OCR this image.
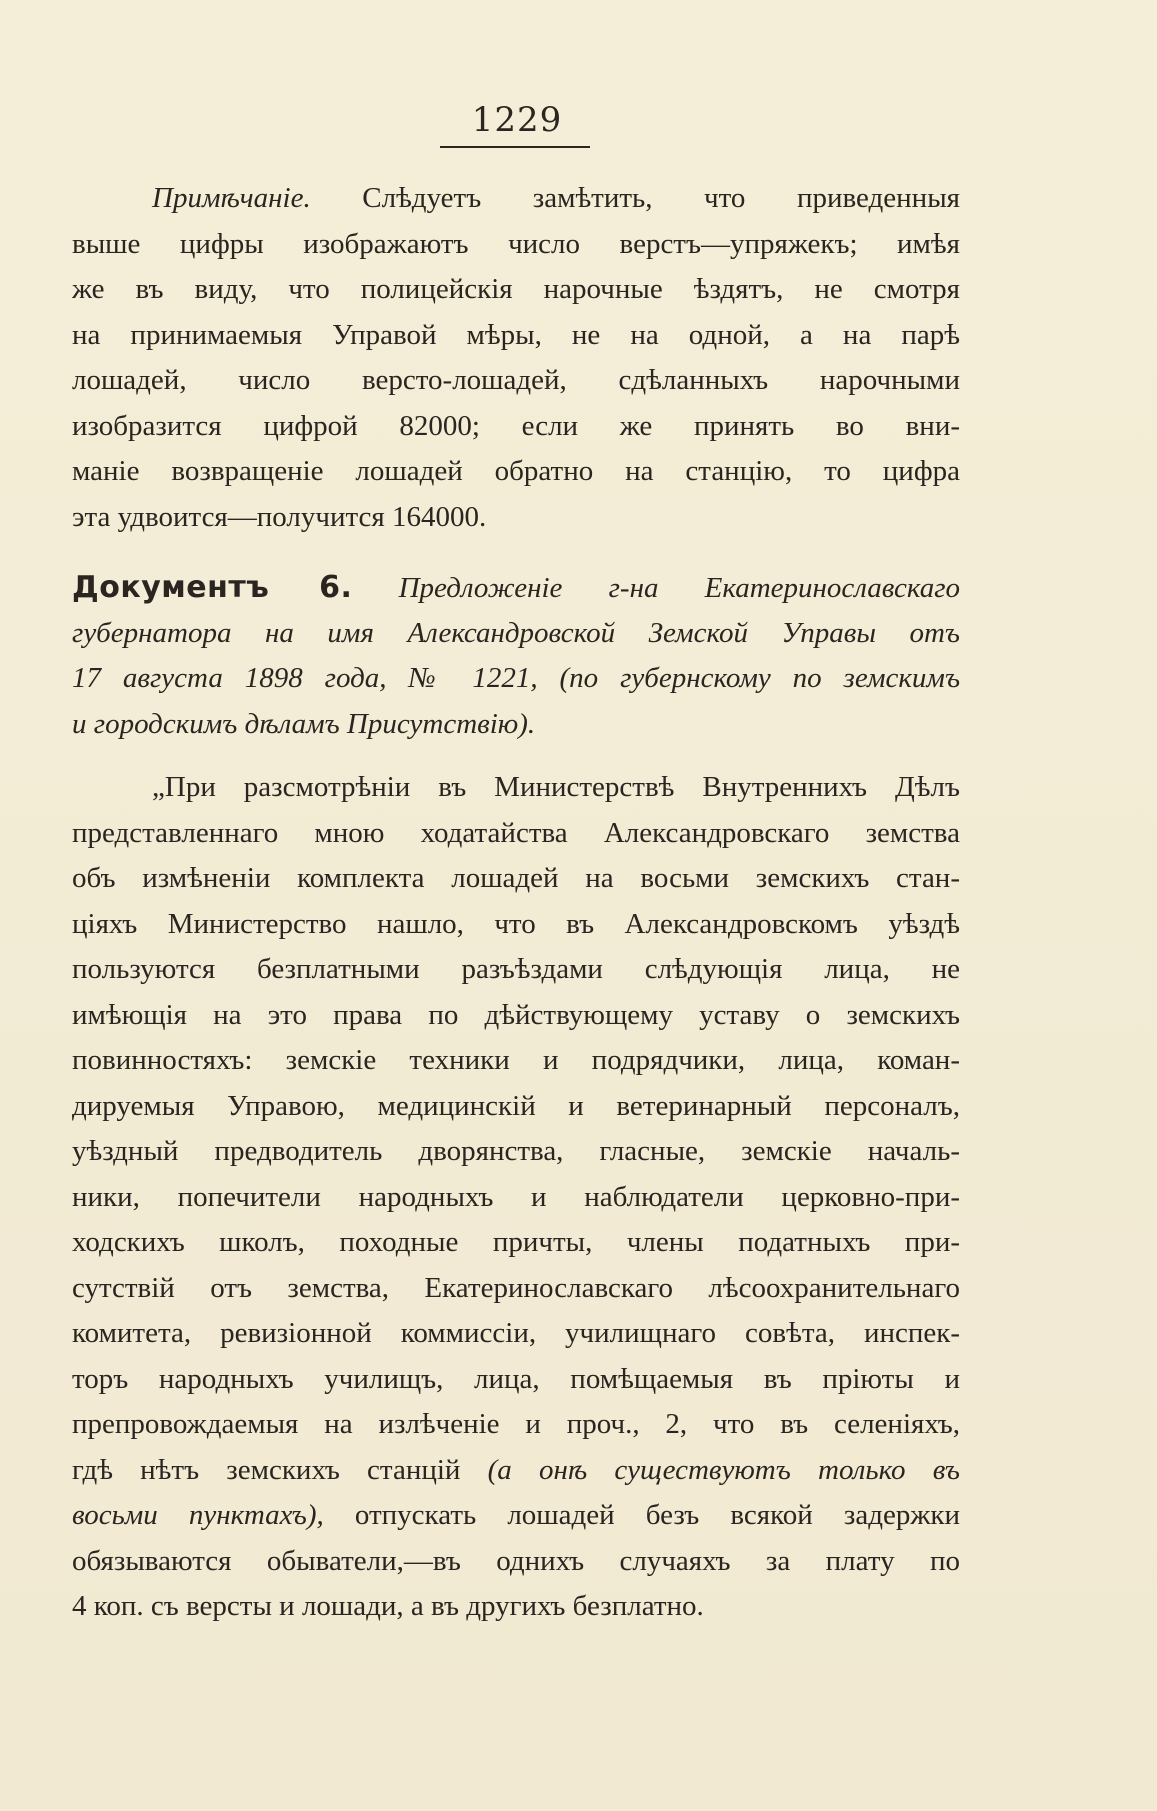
1229
Примѣчаніе. Слѣдуетъ замѣтить, что приведенныя
выше цифры изображаютъ число верстъ—упряжекъ; имѣя
же въ виду, что полицейскія нарочные ѣздятъ, не смотря
на принимаемыя Управой мѣры, не на одной, а на парѣ
лошадей, число версто-лошадей, сдѣланныхъ нарочными
изобразится цифрой 82000; если же принять во вни-
маніе возвращеніе лошадей обратно на станцію, то цифра
эта удвоится—получится 164000.
Документъ 6. Предложеніе г-на Екатеринославскаго
губернатора на имя Александровской Земской Управы отъ
17 августа 1898 года, № 1221, (по губернскому по земскимъ
и городскимъ дѣламъ Присутствію).
„При разсмотрѣніи въ Министерствѣ Внутреннихъ Дѣлъ
представленнаго мною ходатайства Александровскаго земства
объ измѣненіи комплекта лошадей на восьми земскихъ стан-
ціяхъ Министерство нашло, что въ Александровскомъ уѣздѣ
пользуются безплатными разъѣздами слѣдующія лица, не
имѣющія на это права по дѣйствующему уставу о земскихъ
повинностяхъ: земскіе техники и подрядчики, лица, коман-
дируемыя Управою, медицинскій и ветеринарный персоналъ,
уѣздный предводитель дворянства, гласные, земскіе началь-
ники, попечители народныхъ и наблюдатели церковно-при-
ходскихъ школъ, походные причты, члены податныхъ при-
сутствій отъ земства, Екатеринославскаго лѣсоохранительнаго
комитета, ревизіонной коммиссіи, училищнаго совѣта, инспек-
торъ народныхъ училищъ, лица, помѣщаемыя въ пріюты и
препровождаемыя на излѣченіе и проч., 2, что въ селеніяхъ,
гдѣ нѣтъ земскихъ станцій (а онѣ существуютъ только въ
восьми пунктахъ), отпускать лошадей безъ всякой задержки
обязываются обыватели,—въ однихъ случаяхъ за плату по
4 коп. съ версты и лошади, а въ другихъ безплатно.
